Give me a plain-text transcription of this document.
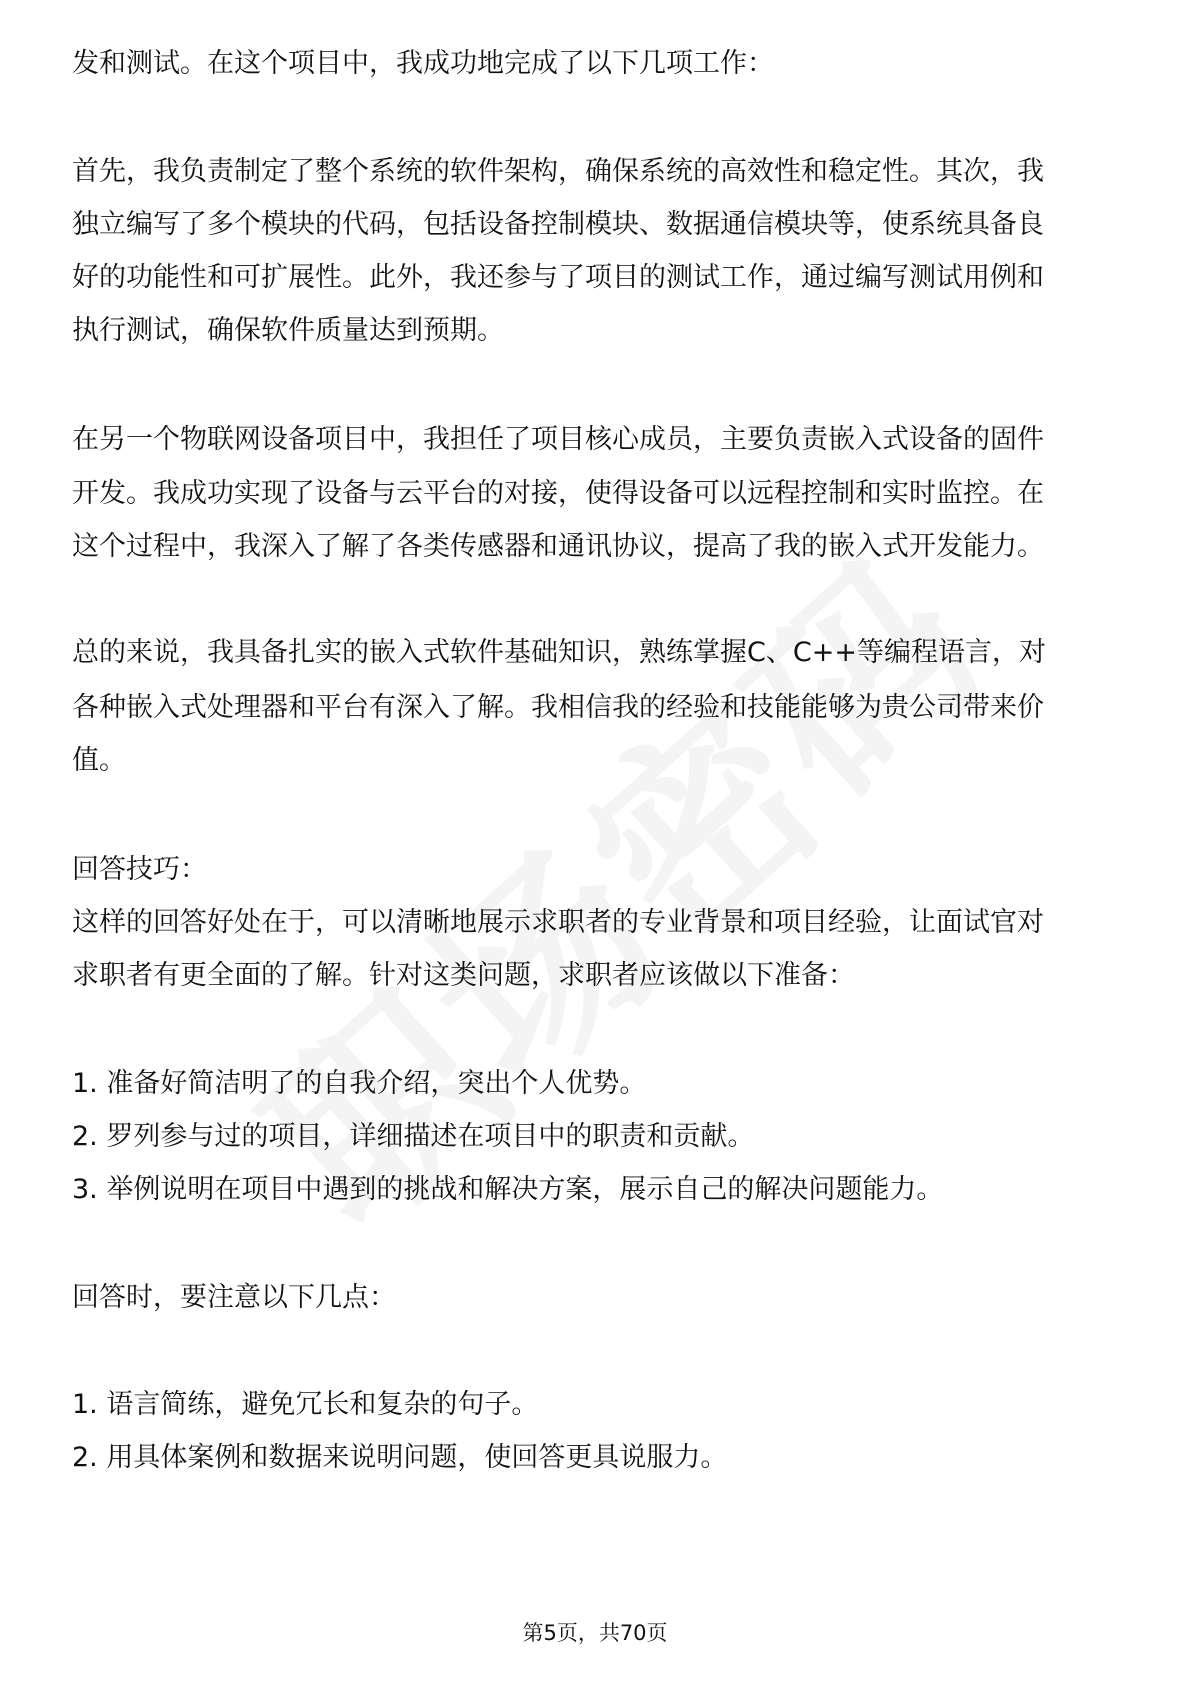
发和测试。在这个项目中，我成功地完成了以下几项工作：
首先，我负责制定了整个系统的软件架构，确保系统的高效性和稳定性。其次，我
独立编写了多个模块的代码，包括设备控制模块、数据通信模块等，使系统具备良
好的功能性和可扩展性。此外，我还参与了项目的测试工作，通过编写测试用例和
执行测试，确保软件质量达到预期。
在另一个物联网设备项目中，我担任了项目核心成员，主要负责嵌入式设备的固件
开发。我成功实现了设备与云平台的对接，使得设备可以远程控制和实时监控。在
这个过程中，我深入了解了各类传感器和通讯协议，提高了我的嵌入式开发能力。
总的来说，我具备扎实的嵌入式软件基础知识，熟练掌握C、C++等编程语言，对
各种嵌入式处理器和平台有深入了解。我相信我的经验和技能能够为贵公司带来价
值。
回答技巧：
这样的回答好处在于，可以清晰地展示求职者的专业背景和项目经验，让面试官对
求职者有更全面的了解。针对这类问题，求职者应该做以下准备：
1. 准备好简洁明了的自我介绍，突出个人优势。
2. 罗列参与过的项目，详细描述在项目中的职责和贡献。
3. 举例说明在项目中遇到的挑战和解决方案，展示自己的解决问题能力。
回答时，要注意以下几点：
1. 语言简练，避免冗长和复杂的句子。
2. 用具体案例和数据来说明问题，使回答更具说服力。
第5页，共70页
